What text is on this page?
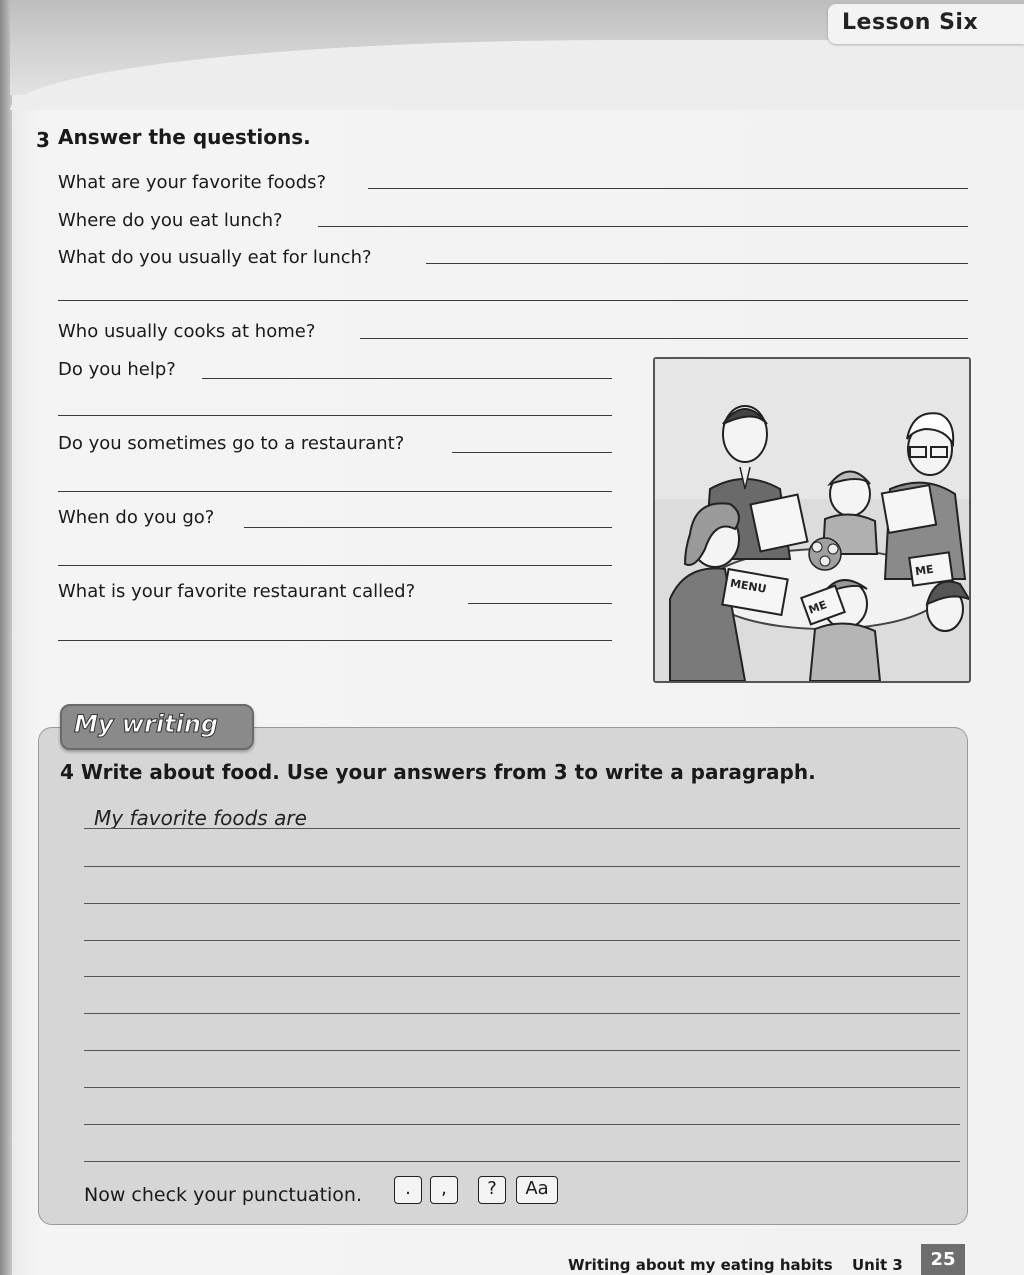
Lesson Six
3 Answer the questions.
What are your favorite foods?
Where do you eat lunch?
What do you usually eat for lunch?
Who usually cooks at home?
Do you help?
Do you sometimes go to a restaurant?
When do you go?
What is your favorite restaurant called?	MENU
ME
ME
My writing
4 Write about food. Use your answers from 3 to write a paragraph.
My favorite foods are
Now check your punctuation.	.	,	?	Aa
Writing about my eating habits Unit 3	25
